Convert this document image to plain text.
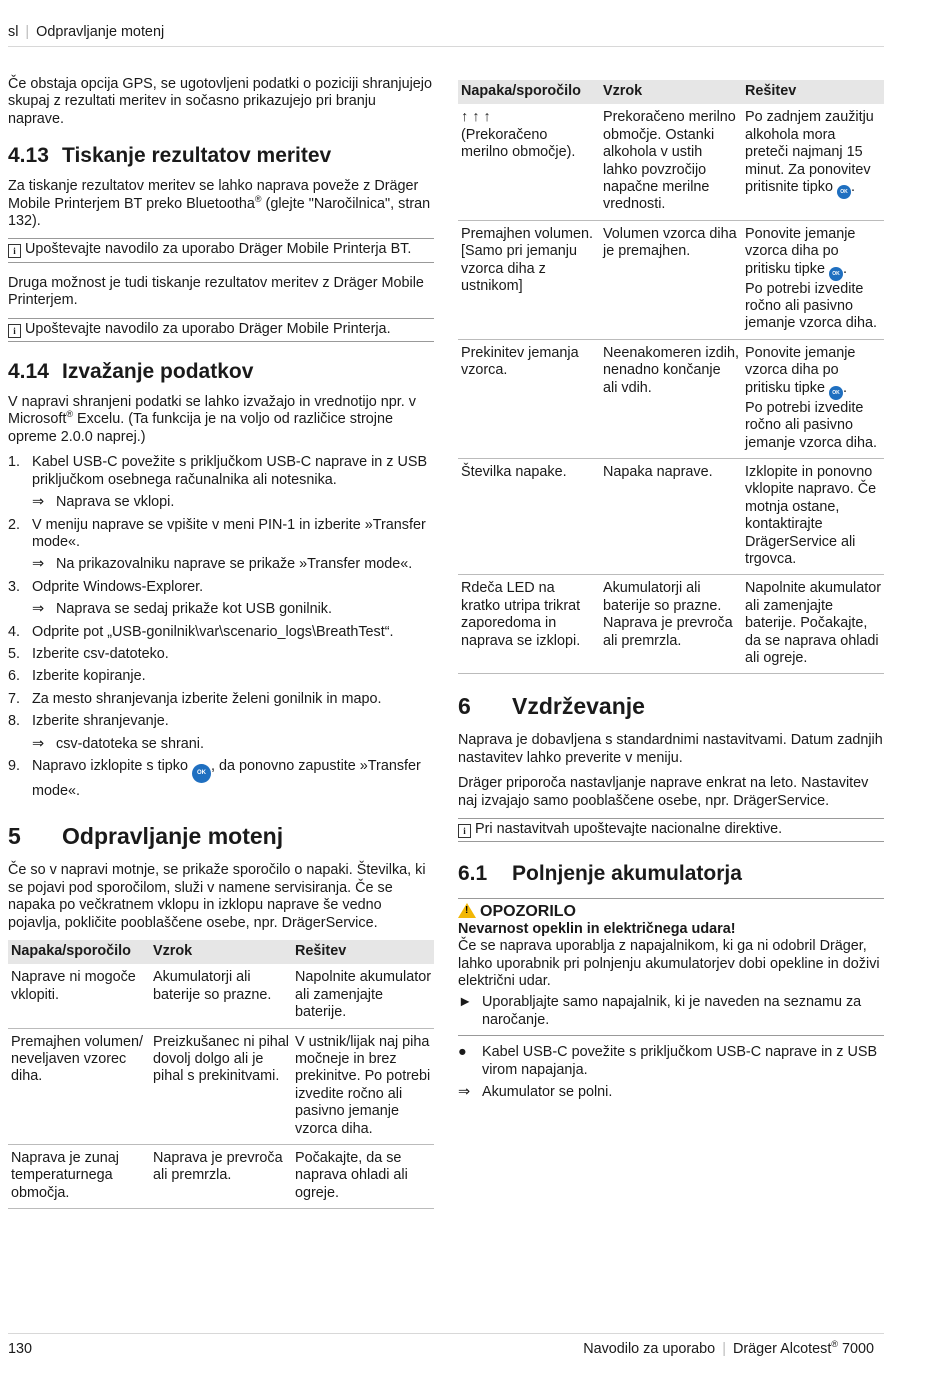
sl | Odpravljanje motenj

Če obstaja opcija GPS, se ugotovljeni podatki o poziciji shranjujejo skupaj z rezultati meritev in sočasno prikazujejo pri branju naprave.

4.13 Tiskanje rezultatov meritev

Za tiskanje rezultatov meritev se lahko naprava poveže z Dräger Mobile Printerjem BT preko Bluetootha® (glejte "Naročilnica", stran 132).

i Upoštevajte navodilo za uporabo Dräger Mobile Printerja BT.

Druga možnost je tudi tiskanje rezultatov meritev z Dräger Mobile Printerjem.

i Upoštevajte navodilo za uporabo Dräger Mobile Printerja.
4.14 Izvažanje podatkov

V napravi shranjeni podatki se lahko izvažajo in vrednotijo npr. v Microsoft® Excelu. (Ta funkcija je na voljo od različice strojne opreme 2.0.0 naprej.)

1. Kabel USB-C povežite s priključkom USB-C naprave in z USB priključkom osebnega računalnika ali notesnika.
⇒ Naprava se vklopi.
2. V meniju naprave se vpišite v meni PIN-1 in izberite »Transfer mode«.
⇒ Na prikazovalniku naprave se prikaže »Transfer mode«.
3. Odprite Windows-Explorer.
⇒ Naprava se sedaj prikaže kot USB gonilnik.
4. Odprite pot „USB-gonilnik\var\scenario_logs\BreathTest“.
5. Izberite csv-datoteko.
6. Izberite kopiranje.
7. Za mesto shranjevanja izberite želeni gonilnik in mapo.
8. Izberite shranjevanje.
⇒ csv-datoteka se shrani.
9. Napravo izklopite s tipko OK , da ponovno zapustite »Transfer mode«.
5 Odpravljanje motenj

Če so v napravi motnje, se prikaže sporočilo o napaki. Številka, ki se pojavi pod sporočilom, služi v namene servisiranja. Če se napaka po večkratnem vklopu in izklopu naprave še vedno pojavlja, pokličite pooblaščene osebe, npr. DrägerService.

Napaka/sporočilo	Vzrok	Rešitev
Naprave ni mogoče vklopiti.	Akumulatorji ali baterije so prazne.	Napolnite akumulator ali zamenjajte baterije.
Premajhen volumen/ neveljaven vzorec diha.	Preizkušanec ni pihal dovolj dolgo ali je pihal s prekinitvami.	V ustnik/lijak naj piha močneje in brez prekinitve. Po potrebi izvedite ročno ali pasivno jemanje vzorca diha.
Naprava je zunaj temperaturnega območja.	Naprava je prevroča ali premrzla.	Počakajte, da se naprava ohladi ali ogreje.
Napaka/sporočilo	Vzrok	Rešitev

↑ ↑ ↑
(Prekoračeno merilno območje).	Prekoračeno merilno območje. Ostanki alkohola v ustih lahko povzročijo napačne merilne vrednosti.	Po zadnjem zaužitju alkohola mora preteči najmanj 15 minut. Za ponovitev pritisnite tipko OK .
Premajhen volumen. [Samo pri jemanju vzorca diha z ustnikom]	Volumen vzorca diha je premajhen.	Ponovite jemanje vzorca diha po pritisku tipke OK .
Po potrebi izvedite ročno ali pasivno jemanje vzorca diha.

Prekinitev jemanja vzorca.	Neenakomeren izdih, nenadno končanje ali vdih.	Ponovite jemanje vzorca diha po pritisku tipke OK .
Po potrebi izvedite ročno ali pasivno jemanje vzorca diha.

Številka napake.	Napaka naprave.	Izklopite in ponovno vklopite napravo. Če motnja ostane, kontaktirajte DrägerService ali trgovca.
Rdeča LED na kratko utripa trikrat zaporedoma in naprava se izklopi.	Akumulatorji ali baterije so prazne. Naprava je prevroča ali premrzla.	Napolnite akumulator ali zamenjajte baterije. Počakajte, da se naprava ohladi ali ogreje.
6 Vzdrževanje

Naprava je dobavljena s standardnimi nastavitvami. Datum zadnjih nastavitev lahko preverite v meniju.

Dräger priporoča nastavljanje naprave enkrat na leto. Nastavitev naj izvajajo samo pooblaščene osebe, npr. DrägerService.

i Pri nastavitvah upoštevajte nacionalne direktive.
6.1 Polnjenje akumulatorja
! OPOZORILO
Nevarnost opeklin in električnega udara!
Če se naprava uporablja z napajalnikom, ki ga ni odobril Dräger, lahko uporabnik pri polnjenju akumulatorjev dobi opekline in doživi električni udar.
► Uporabljajte samo napajalnik, ki je naveden na seznamu za naročanje.
● Kabel USB-C povežite s priključkom USB-C naprave in z USB virom napajanja.
⇒ Akumulator se polni.
130	Navodilo za uporabo | Dräger Alcotest® 7000
